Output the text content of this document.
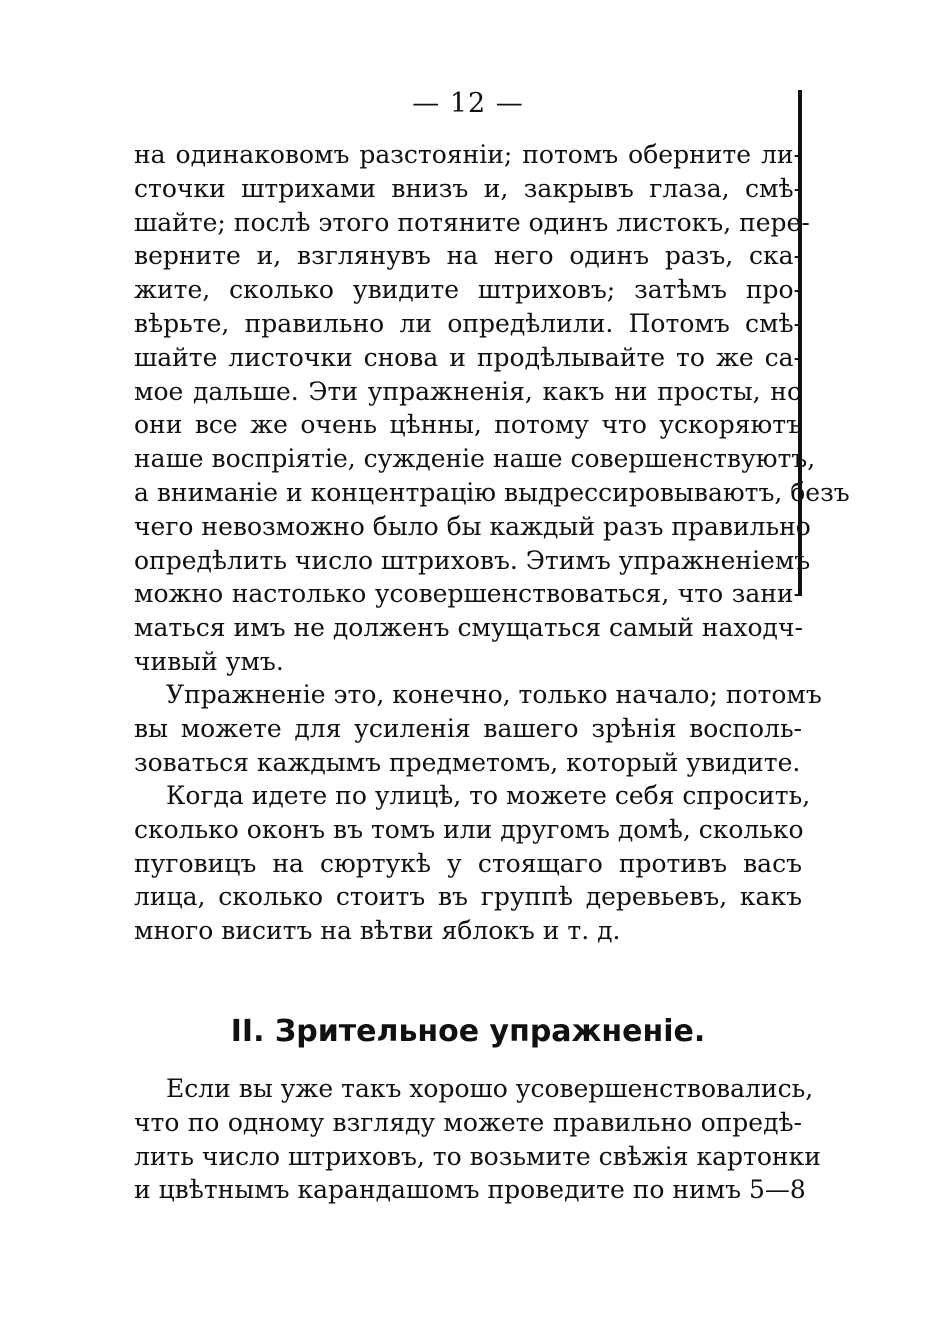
— 12 —
на одинаковомъ разстояніи; потомъ оберните ли-
сточки штрихами внизъ и, закрывъ глаза, смѣ-
шайте; послѣ этого потяните одинъ листокъ, пере-
верните и, взглянувъ на него одинъ разъ, ска-
жите, сколько увидите штриховъ; затѣмъ про-
вѣрьте, правильно ли опредѣлили. Потомъ смѣ-
шайте листочки снова и продѣлывайте то же са-
мое дальше. Эти упражненія, какъ ни просты, но
они все же очень цѣнны, потому что ускоряютъ
наше воспріятіе, сужденіе наше совершенствуютъ,
а вниманіе и концентрацію выдрессировываютъ, безъ
чего невозможно было бы каждый разъ правильно
опредѣлить число штриховъ. Этимъ упражненіемъ
можно настолько усовершенствоваться, что зани-
маться имъ не долженъ смущаться самый находч-
чивый умъ.
Упражненіе это, конечно, только начало; потомъ
вы можете для усиленія вашего зрѣнія восполь-
зоваться каждымъ предметомъ, который увидите.
Когда идете по улицѣ, то можете себя спросить,
сколько оконъ въ томъ или другомъ домѣ, сколько
пуговицъ на сюртукѣ у стоящаго противъ васъ
лица, сколько стоитъ въ группѣ деревьевъ, какъ
много виситъ на вѣтви яблокъ и т. д.
II. Зрительное упражненіе.
Если вы уже такъ хорошо усовершенствовались,
что по одному взгляду можете правильно опредѣ-
лить число штриховъ, то возьмите свѣжія картонки
и цвѣтнымъ карандашомъ проведите по нимъ 5—8
